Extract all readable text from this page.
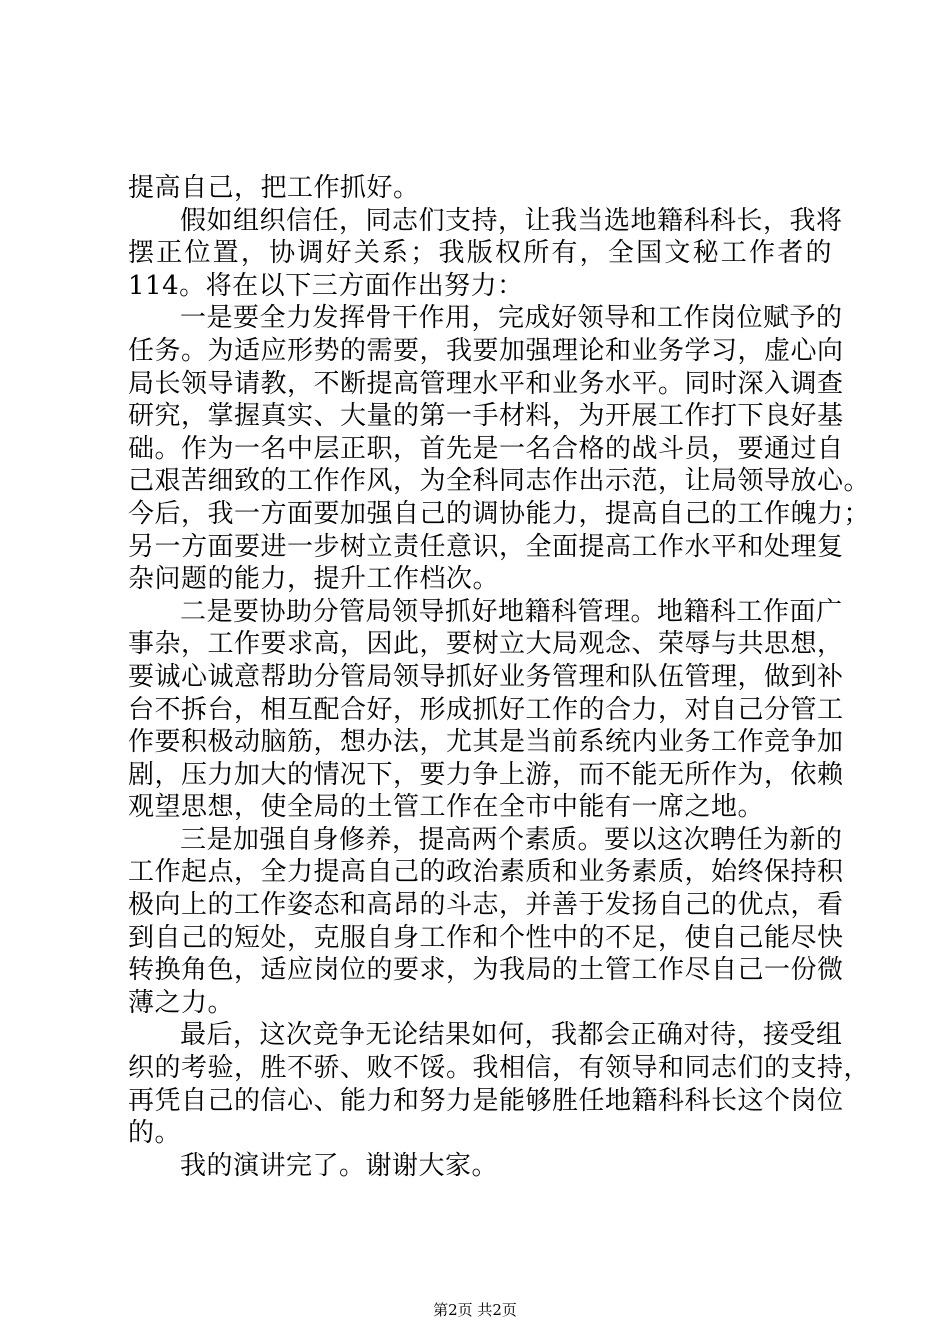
提高自己，把工作抓好。
假如组织信任，同志们支持，让我当选地籍科科长，我将
摆正位置，协调好关系；我版权所有，全国文秘工作者的
114。将在以下三方面作出努力：
一是要全力发挥骨干作用，完成好领导和工作岗位赋予的
任务。为适应形势的需要，我要加强理论和业务学习，虚心向
局长领导请教，不断提高管理水平和业务水平。同时深入调查
研究，掌握真实、大量的第一手材料，为开展工作打下良好基
础。作为一名中层正职，首先是一名合格的战斗员，要通过自
己艰苦细致的工作作风，为全科同志作出示范，让局领导放心。
今后，我一方面要加强自己的调协能力，提高自己的工作魄力；
另一方面要进一步树立责任意识，全面提高工作水平和处理复
杂问题的能力，提升工作档次。
二是要协助分管局领导抓好地籍科管理。地籍科工作面广
事杂，工作要求高，因此，要树立大局观念、荣辱与共思想，
要诚心诚意帮助分管局领导抓好业务管理和队伍管理，做到补
台不拆台，相互配合好，形成抓好工作的合力，对自己分管工
作要积极动脑筋，想办法，尤其是当前系统内业务工作竞争加
剧，压力加大的情况下，要力争上游，而不能无所作为，依赖
观望思想，使全局的土管工作在全市中能有一席之地。
三是加强自身修养，提高两个素质。要以这次聘任为新的
工作起点，全力提高自己的政治素质和业务素质，始终保持积
极向上的工作姿态和高昂的斗志，并善于发扬自己的优点，看
到自己的短处，克服自身工作和个性中的不足，使自己能尽快
转换角色，适应岗位的要求，为我局的土管工作尽自己一份微
薄之力。
最后，这次竞争无论结果如何，我都会正确对待，接受组
织的考验，胜不骄、败不馁。我相信，有领导和同志们的支持，
再凭自己的信心、能力和努力是能够胜任地籍科科长这个岗位
的。
我的演讲完了。谢谢大家。
第2页 共2页
